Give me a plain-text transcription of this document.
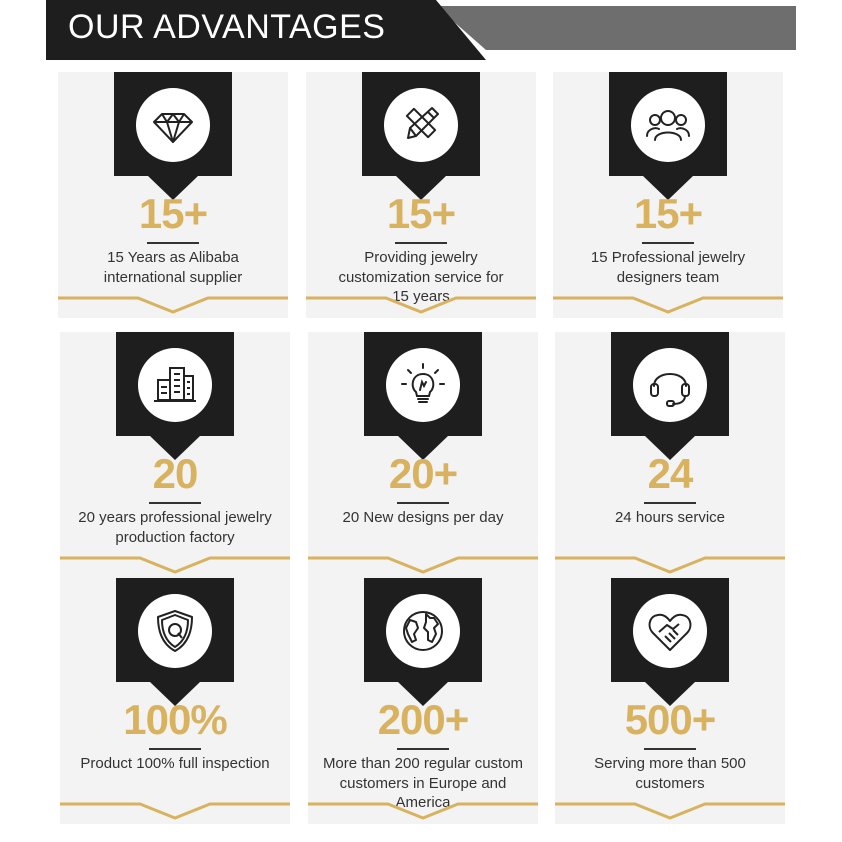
OUR ADVANTAGES
15+
15 Years as Alibaba
international supplier
15+
Providing jewelry
customization service for
15 years
15+
15 Professional jewelry
designers team
20
20 years professional jewelry
production factory
20+
20 New designs per day
24
24 hours service
100%
Product 100% full inspection
200+
More than 200 regular custom
customers in Europe and
America
500+
Serving more than 500
customers
